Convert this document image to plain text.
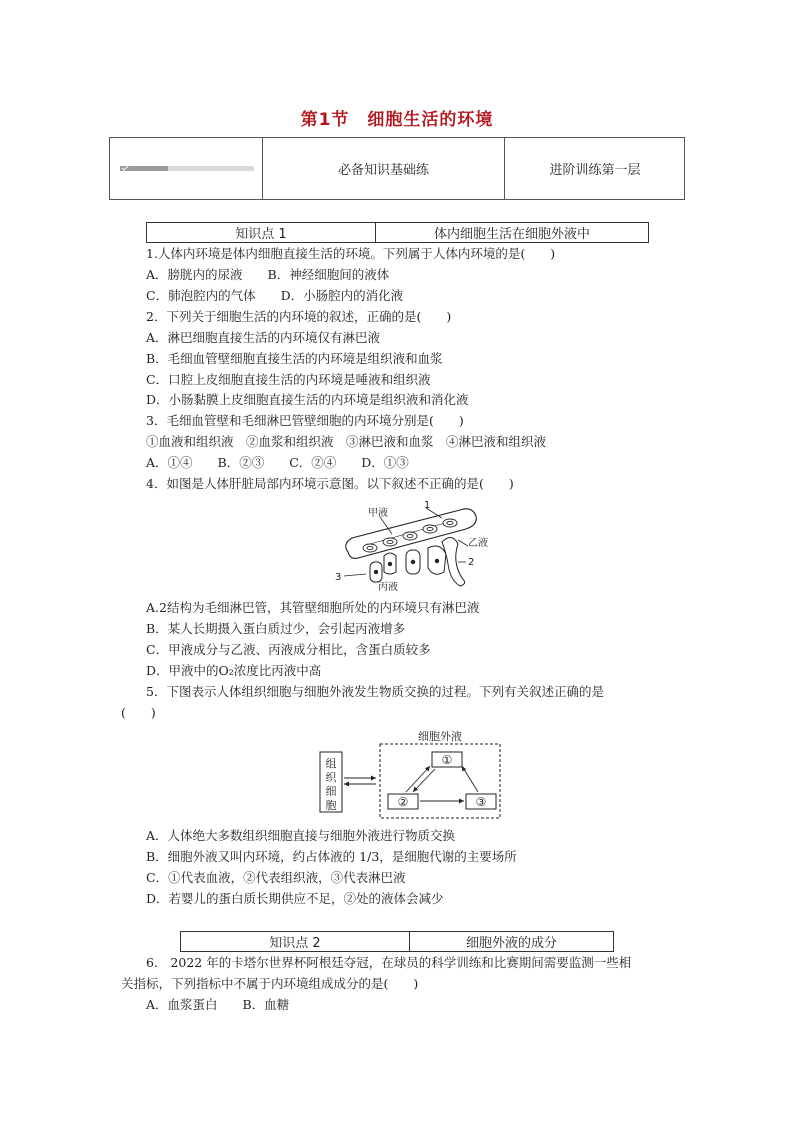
第1节　细胞生活的环境
必备知识基础练	进阶训练第一层
知识点 1	体内细胞生活在细胞外液中
1.人体内环境是体内细胞直接生活的环境。下列属于人体内环境的是(　　)
A．膀胱内的尿液　　B．神经细胞间的液体
C．肺泡腔内的气体　　D．小肠腔内的消化液
2．下列关于细胞生活的内环境的叙述，正确的是(　　)
A．淋巴细胞直接生活的内环境仅有淋巴液
B．毛细血管壁细胞直接生活的内环境是组织液和血浆
C．口腔上皮细胞直接生活的内环境是唾液和组织液
D．小肠黏膜上皮细胞直接生活的内环境是组织液和消化液
3．毛细血管壁和毛细淋巴管壁细胞的内环境分别是(　　)
①血液和组织液　②血浆和组织液　③淋巴液和血浆　④淋巴液和组织液
A．①④　　B．②③　　C．②④　　D．①③
4．如图是人体肝脏局部内环境示意图。以下叙述不正确的是(　　)
甲液
1
乙液
2
3
丙液
A.2结构为毛细淋巴管，其管壁细胞所处的内环境只有淋巴液
B．某人长期摄入蛋白质过少，会引起丙液增多
C．甲液成分与乙液、丙液成分相比，含蛋白质较多
D．甲液中的O₂浓度比丙液中高
5．下图表示人体组织细胞与细胞外液发生物质交换的过程。下列有关叙述正确的是
(　　)
组
织
细
胞
细胞外液
①
②	③
A．人体绝大多数组织细胞直接与细胞外液进行物质交换
B．细胞外液又叫内环境，约占体液的 1/3，是细胞代谢的主要场所
C．①代表血液，②代表组织液，③代表淋巴液
D．若婴儿的蛋白质长期供应不足，②处的液体会减少
知识点 2	细胞外液的成分
6.　2022 年的卡塔尔世界杯阿根廷夺冠，在球员的科学训练和比赛期间需要监测一些相
关指标，下列指标中不属于内环境组成成分的是(　　)
A．血浆蛋白　　B．血糖
